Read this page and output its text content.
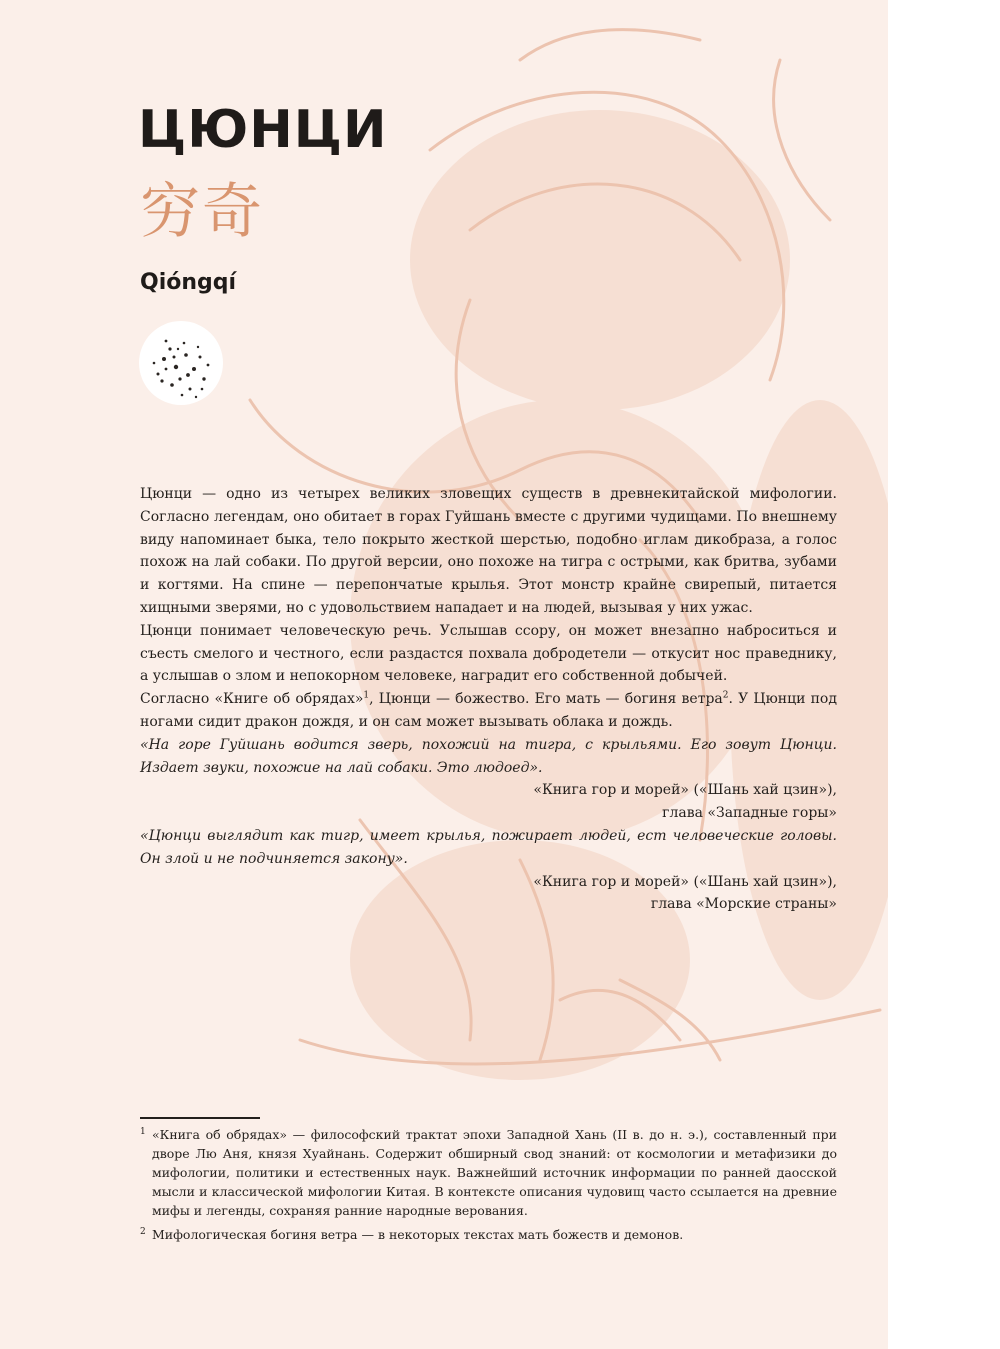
ЦЮНЦИ
穷奇
Qióngqí

Цюнци — одно из четырех великих зловещих существ в древнекитайской мифологии. Согласно легендам, оно обитает в горах Гуйшань вместе с другими чудищами. По внешнему виду напоминает быка, тело покрыто жесткой шерстью, подобно иглам дикобраза, а голос похож на лай собаки. По другой версии, оно похоже на тигра с острыми, как бритва, зубами и когтями. На спине — перепончатые крылья. Этот монстр крайне свирепый, питается хищными зверями, но с удовольствием нападает и на людей, вызывая у них ужас.

Цюнци понимает человеческую речь. Услышав ссору, он может внезапно наброситься и съесть смелого и честного, если раздастся похвала добродетели — откусит нос праведнику, а услышав о злом и непокорном человеке, наградит его собственной добычей.

Согласно «Книге об обрядах»$^1$, Цюнци — божество. Его мать — богиня ветра$^2$. У Цюнци под ногами сидит дракон дождя, и он сам может вызывать облака и дождь.

«На горе Гуйшань водится зверь, похожий на тигра, с крыльями. Его зовут Цюнци. Издает звуки, похожие на лай собаки. Это людоед».

«Книга гор и морей» («Шань хай цзин»),
глава «Западные горы»

«Цюнци выглядит как тигр, имеет крылья, пожирает людей, ест человеческие головы. Он злой и не подчиняется закону».

«Книга гор и морей» («Шань хай цзин»),
глава «Морские страны»

1 «Книга об обрядах» — философский трактат эпохи Западной Хань (II в. до н. э.), составленный при дворе Лю Аня, князя Хуайнань. Содержит обширный свод знаний: от космологии и метафизики до мифологии, политики и естественных наук. Важнейший источник информации по ранней даосской мысли и классической мифологии Китая. В контексте описания чудовищ часто ссылается на древние мифы и легенды, сохраняя ранние народные верования.
2 Мифологическая богиня ветра — в некоторых текстах мать божеств и демонов.
